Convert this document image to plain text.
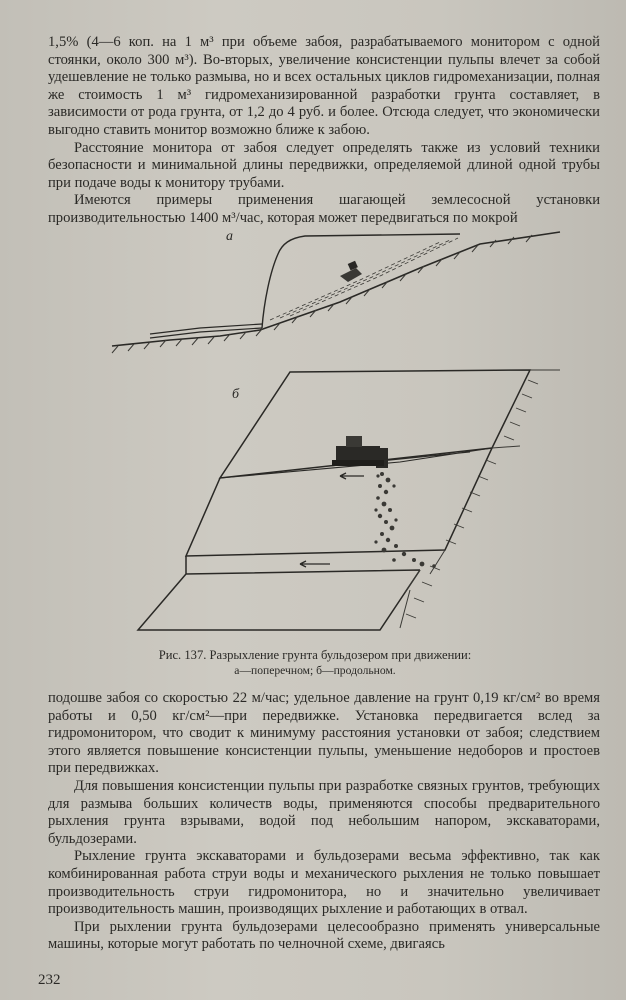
1,5% (4—6 коп. на 1 м³ при объеме забоя, разрабатываемого монитором с одной стоянки, около 300 м³). Во-вторых, увеличение консистенции пульпы влечет за собой удешевление не только размыва, но и всех остальных циклов гидромеханизации, полная же стоимость 1 м³ гидромеханизированной разработки грунта составляет, в зависимости от рода грунта, от 1,2 до 4 руб. и более. Отсюда следует, что экономически выгодно ставить монитор возможно ближе к забою.

Расстояние монитора от забоя следует определять также из условий техники безопасности и минимальной длины передвижки, определяемой длиной одной трубы при подаче воды к монитору трубами.

Имеются примеры применения шагающей землесосной установки производительностью 1400 м³/час, которая может передвигаться по мокрой

а
б
Рис. 137. Разрыхление грунта бульдозером при движении:
а—поперечном; б—продольном.

подошве забоя со скоростью 22 м/час; удельное давление на грунт 0,19 кг/см² во время работы и 0,50 кг/см²—при передвижке. Установка передвигается вслед за гидромонитором, что сводит к минимуму расстояния установки от забоя; следствием этого является повышение консистенции пульпы, уменьшение недоборов и простоев при передвижках.

Для повышения консистенции пульпы при разработке связных грунтов, требующих для размыва больших количеств воды, применяются способы предварительного рыхления грунта взрывами, водой под небольшим напором, экскаваторами, бульдозерами.

Рыхление грунта экскаваторами и бульдозерами весьма эффективно, так как комбинированная работа струи воды и механического рыхления не только повышает производительность струи гидромонитора, но и значительно увеличивает производительность машин, производящих рыхление и работающих в отвал.

При рыхлении грунта бульдозерами целесообразно применять универсальные машины, которые могут работать по челночной схеме, двигаясь

232
